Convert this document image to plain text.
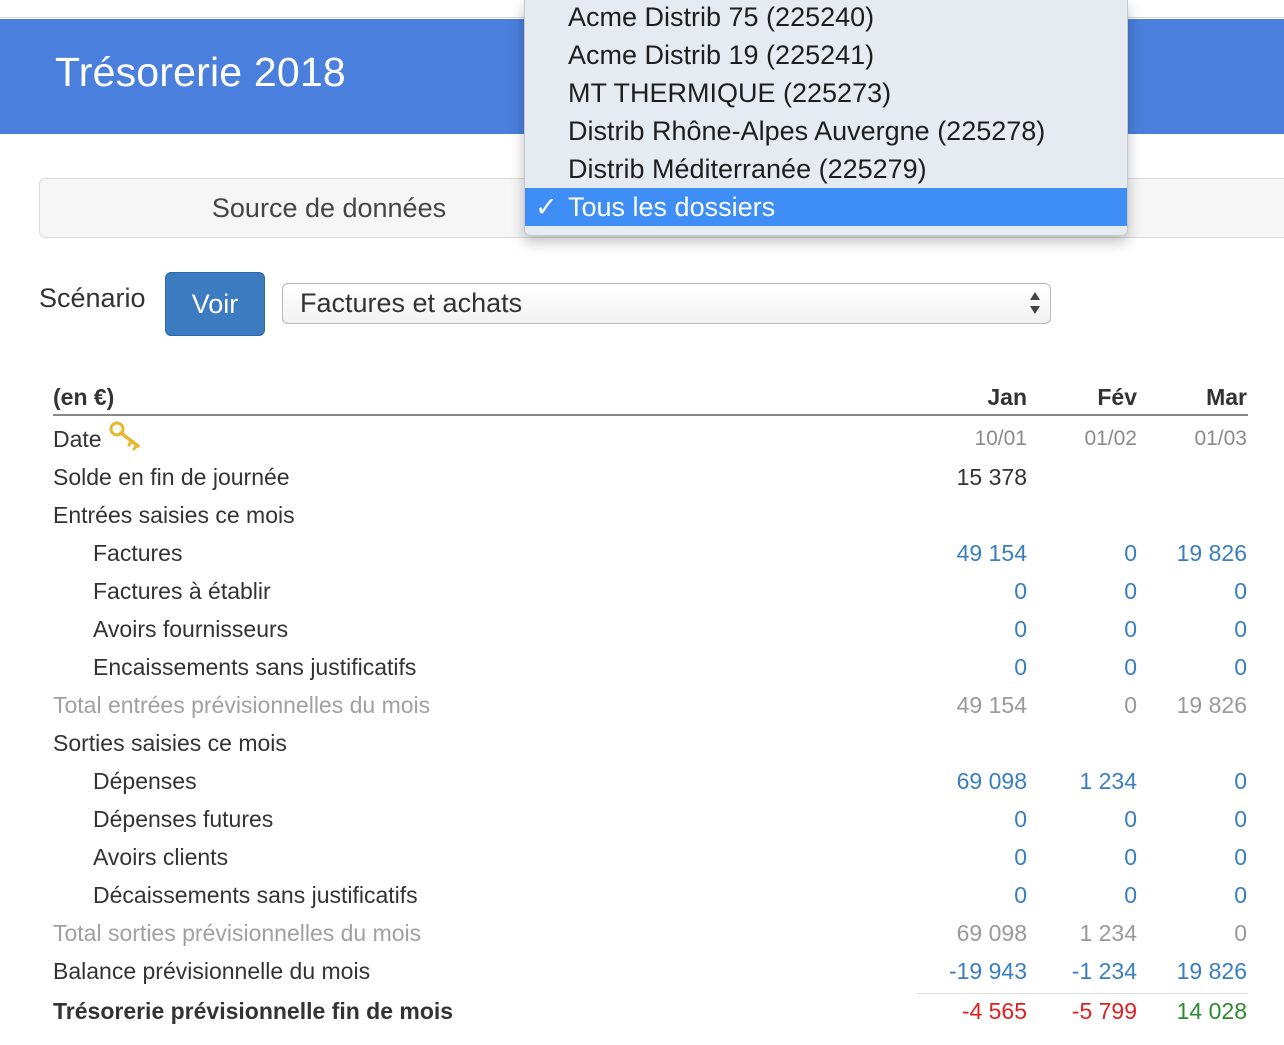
Trésorerie 2018
Source de données
Acme Distrib 75 (225240)
Acme Distrib 19 (225241)
MT THERMIQUE (225273)
Distrib Rhône-Alpes Auvergne (225278)
Distrib Méditerranée (225279)
✓ Tous les dossiers
Scénario	Voir	Factures et achats
(en €)	Jan	Fév	Mar
Date	10/01	01/02	01/03
Solde en fin de journée	15 378
Entrées saisies ce mois
Factures	49 154	0	19 826
Factures à établir	0	0	0
Avoirs fournisseurs	0	0	0
Encaissements sans justificatifs	0	0	0
Total entrées prévisionnelles du mois	49 154	0	19 826
Sorties saisies ce mois
Dépenses	69 098	1 234	0
Dépenses futures	0	0	0
Avoirs clients	0	0	0
Décaissements sans justificatifs	0	0	0
Total sorties prévisionnelles du mois	69 098	1 234	0
Balance prévisionnelle du mois	-19 943	-1 234	19 826
Trésorerie prévisionnelle fin de mois	-4 565	-5 799	14 028
